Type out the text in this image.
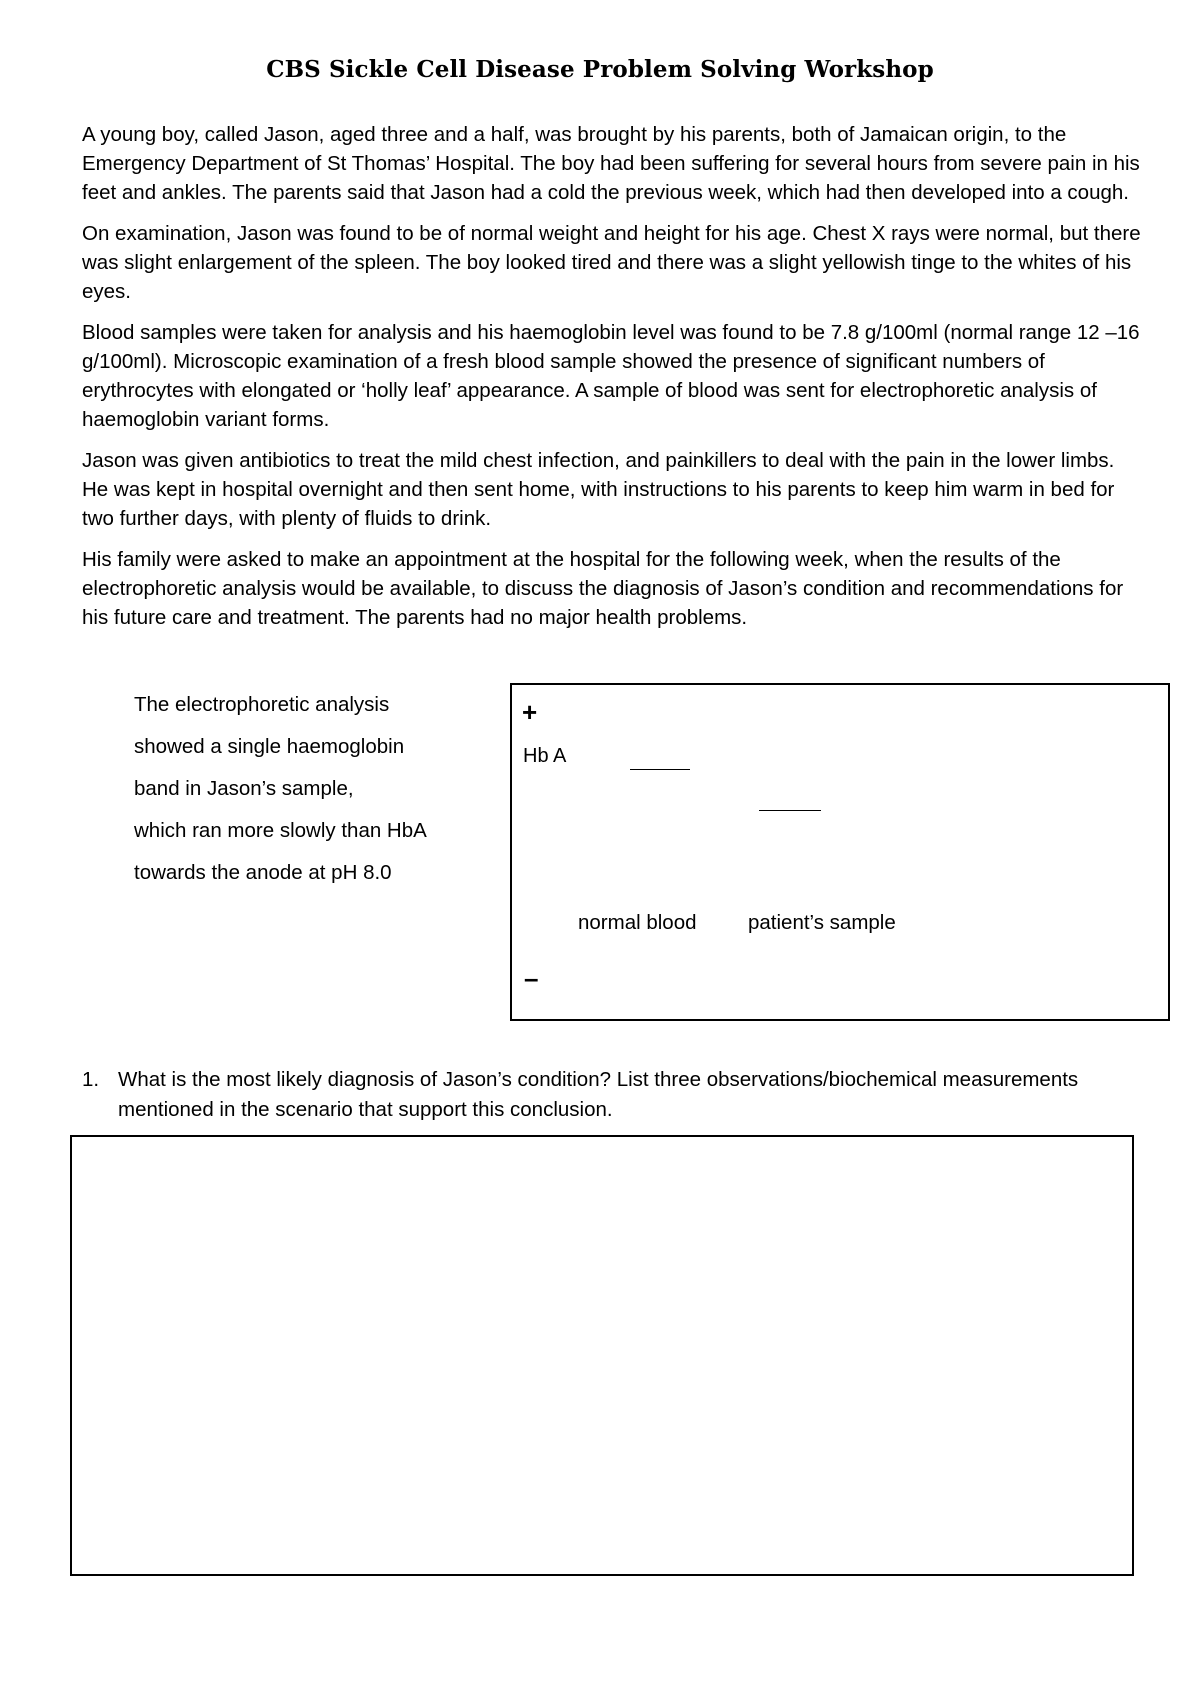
CBS Sickle Cell Disease Problem Solving Workshop

A young boy, called Jason, aged three and a half, was brought by his parents, both of Jamaican origin, to the Emergency Department of St Thomas’ Hospital. The boy had been suffering for several hours from severe pain in his feet and ankles. The parents said that Jason had a cold the previous week, which had then developed into a cough.

On examination, Jason was found to be of normal weight and height for his age. Chest X rays were normal, but there was slight enlargement of the spleen. The boy looked tired and there was a slight yellowish tinge to the whites of his eyes.

Blood samples were taken for analysis and his haemoglobin level was found to be 7.8 g/100ml (normal range 12 –16 g/100ml). Microscopic examination of a fresh blood sample showed the presence of significant numbers of erythrocytes with elongated or ‘holly leaf’ appearance. A sample of blood was sent for electrophoretic analysis of haemoglobin variant forms.

Jason was given antibiotics to treat the mild chest infection, and painkillers to deal with the pain in the lower limbs. He was kept in hospital overnight and then sent home, with instructions to his parents to keep him warm in bed for two further days, with plenty of fluids to drink.

His family were asked to make an appointment at the hospital for the following week, when the results of the electrophoretic analysis would be available, to discuss the diagnosis of Jason’s condition and recommendations for his future care and treatment. The parents had no major health problems.

The electrophoretic analysis
showed a single haemoglobin
band in Jason’s sample,
which ran more slowly than HbA
towards the anode at pH 8.0
+
Hb A
normal blood	patient’s sample
–
1. What is the most likely diagnosis of Jason’s condition? List three observations/biochemical measurements mentioned in the scenario that support this conclusion.
